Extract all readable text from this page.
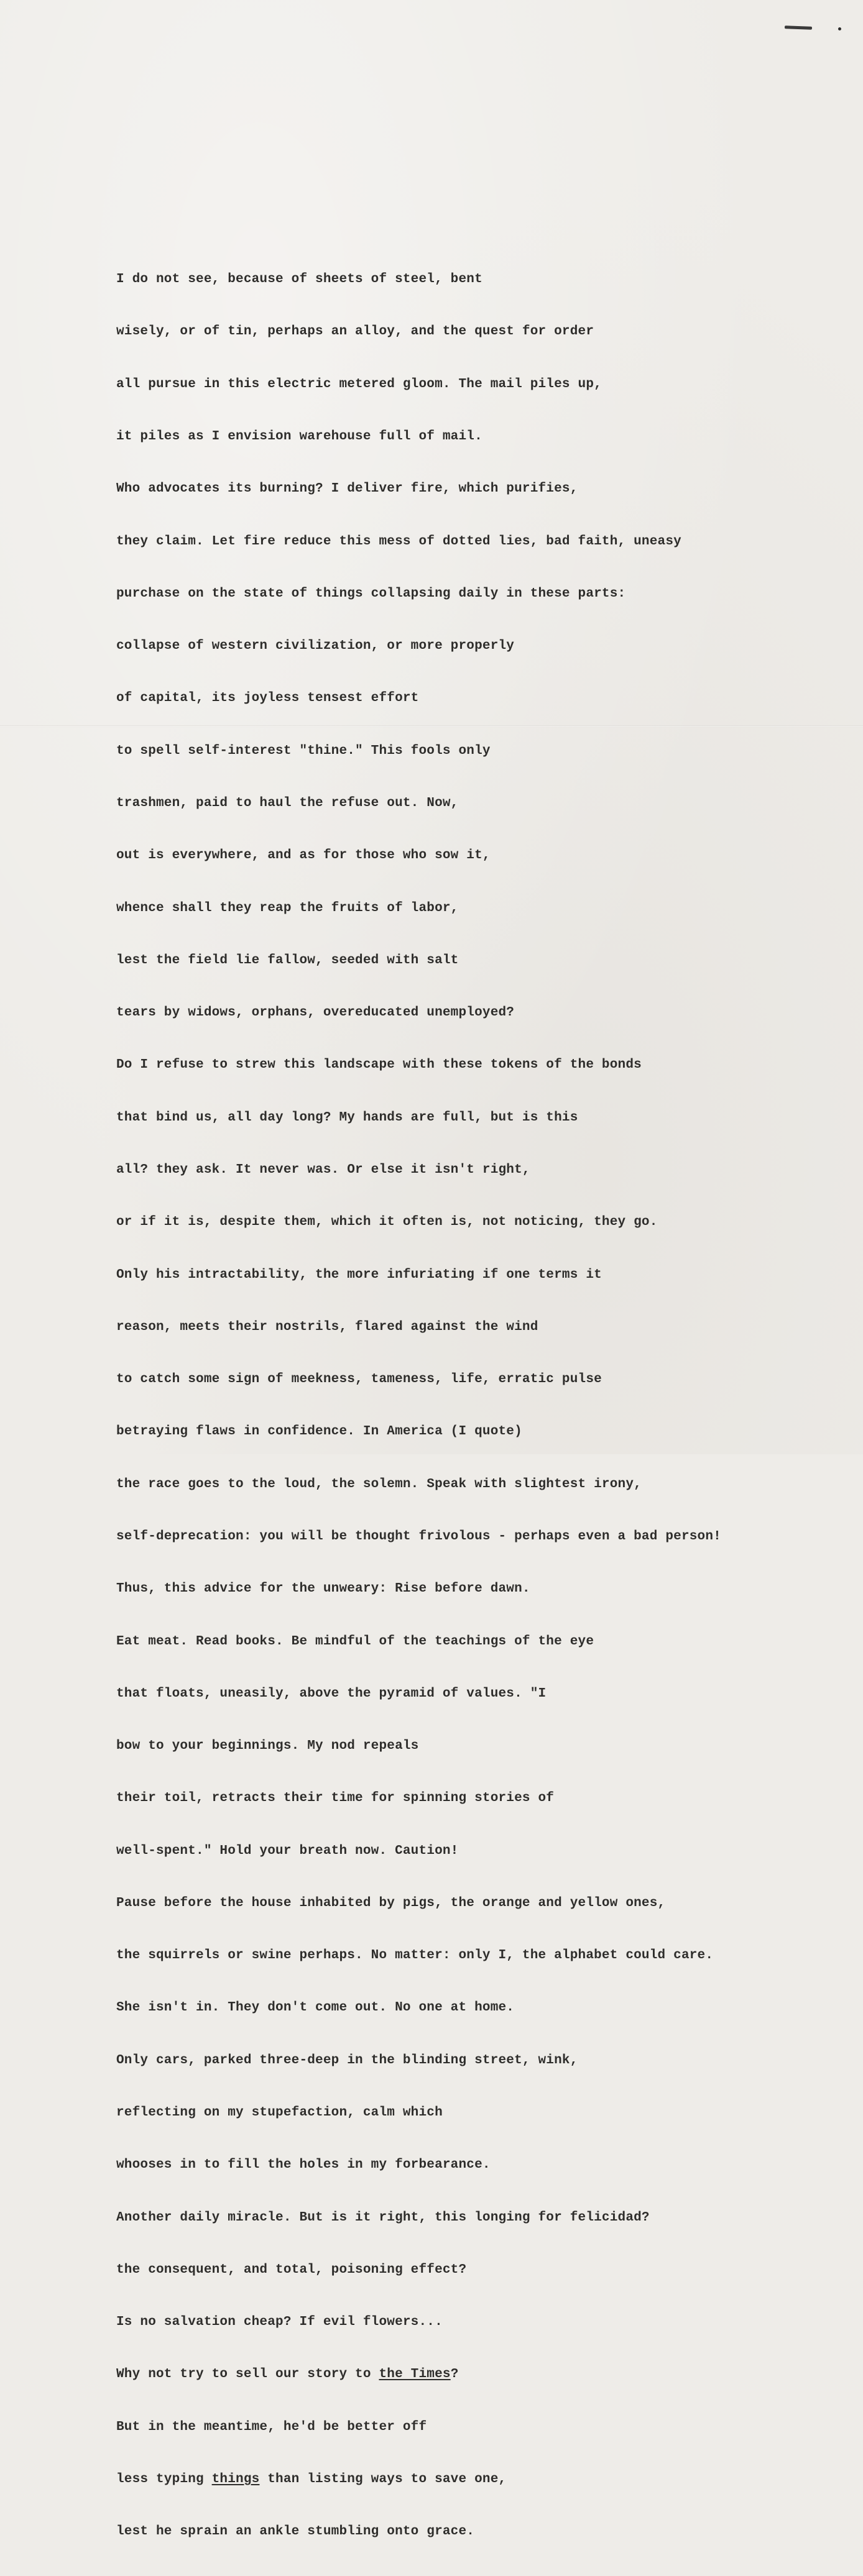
I do not see, because of sheets of steel, bent

wisely, or of tin, perhaps an alloy, and the quest for order

all pursue in this electric metered gloom. The mail piles up,

it piles as I envision warehouse full of mail.

Who advocates its burning? I deliver fire, which purifies,

they claim. Let fire reduce this mess of dotted lies, bad faith, uneasy

purchase on the state of things collapsing daily in these parts:

collapse of western civilization, or more properly

of capital, its joyless tensest effort

to spell self-interest "thine." This fools only

trashmen, paid to haul the refuse out. Now,

out is everywhere, and as for those who sow it,

whence shall they reap the fruits of labor,

lest the field lie fallow, seeded with salt

tears by widows, orphans, overeducated unemployed?

Do I refuse to strew this landscape with these tokens of the bonds

that bind us, all day long? My hands are full, but is this

all? they ask. It never was. Or else it isn't right,

or if it is, despite them, which it often is, not noticing, they go.

Only his intractability, the more infuriating if one terms it

reason, meets their nostrils, flared against the wind

to catch some sign of meekness, tameness, life, erratic pulse

betraying flaws in confidence. In America (I quote)

the race goes to the loud, the solemn. Speak with slightest irony,

self-deprecation: you will be thought frivolous - perhaps even a bad person!

Thus, this advice for the unweary: Rise before dawn.

Eat meat. Read books. Be mindful of the teachings of the eye

that floats, uneasily, above the pyramid of values. "I

bow to your beginnings. My nod repeals

their toil, retracts their time for spinning stories of

well-spent." Hold your breath now. Caution!

Pause before the house inhabited by pigs, the orange and yellow ones,

the squirrels or swine perhaps. No matter: only I, the alphabet could care.

She isn't in. They don't come out. No one at home.

Only cars, parked three-deep in the blinding street, wink,

reflecting on my stupefaction, calm which

whooses in to fill the holes in my forbearance.

Another daily miracle. But is it right, this longing for felicidad?

the consequent, and total, poisoning effect?

Is no salvation cheap? If evil flowers...

Why not try to sell our story to the Times?

But in the meantime, he'd be better off

less typing things than listing ways to save one,

lest he sprain an ankle stumbling onto grace.
